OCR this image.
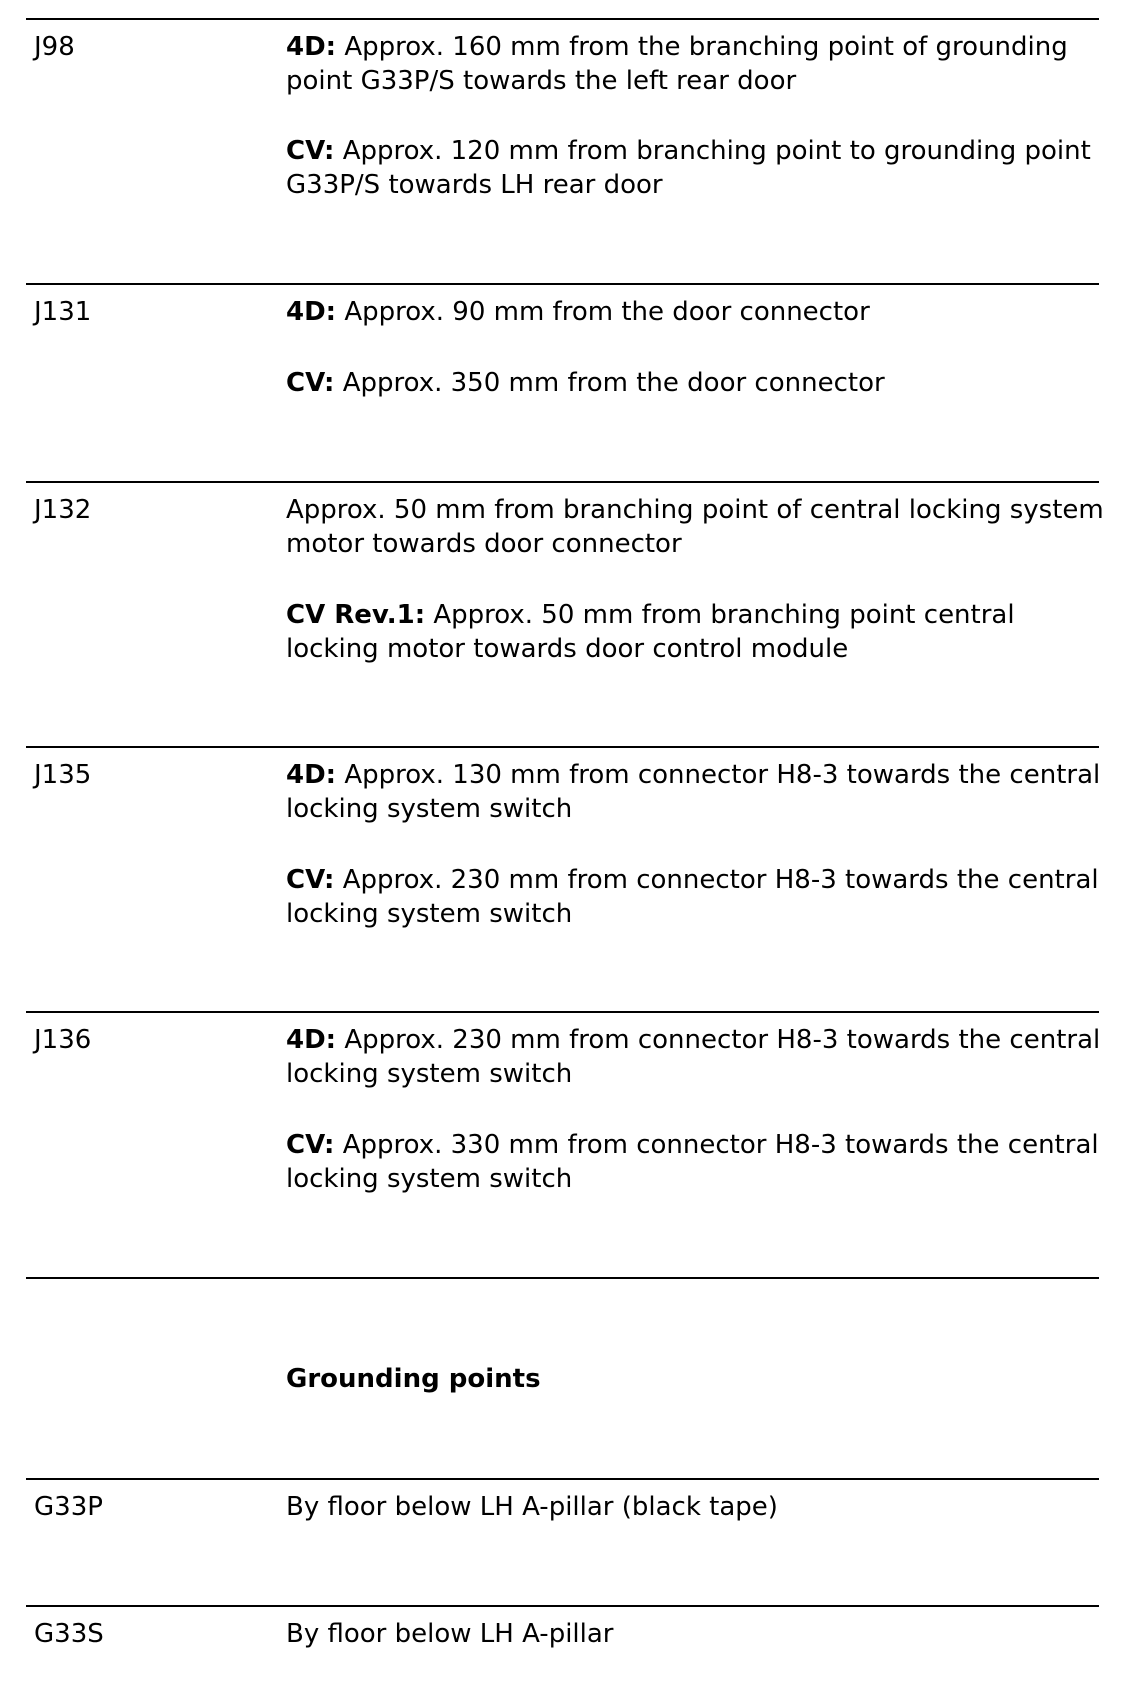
J98	4D: Approx. 160 mm from the branching point of grounding point G33P/S towards the left rear door
CV: Approx. 120 mm from branching point to grounding point G33P/S towards LH rear door
J131	4D: Approx. 90 mm from the door connector
CV: Approx. 350 mm from the door connector
J132	Approx. 50 mm from branching point of central locking system motor towards door connector
CV Rev.1: Approx. 50 mm from branching point central locking motor towards door control module
J135	4D: Approx. 130 mm from connector H8-3 towards the central locking system switch
CV: Approx. 230 mm from connector H8-3 towards the central locking system switch
J136	4D: Approx. 230 mm from connector H8-3 towards the central locking system switch
CV: Approx. 330 mm from connector H8-3 towards the central locking system switch
Grounding points
G33P	By floor below LH A-pillar (black tape)
G33S	By floor below LH A-pillar
